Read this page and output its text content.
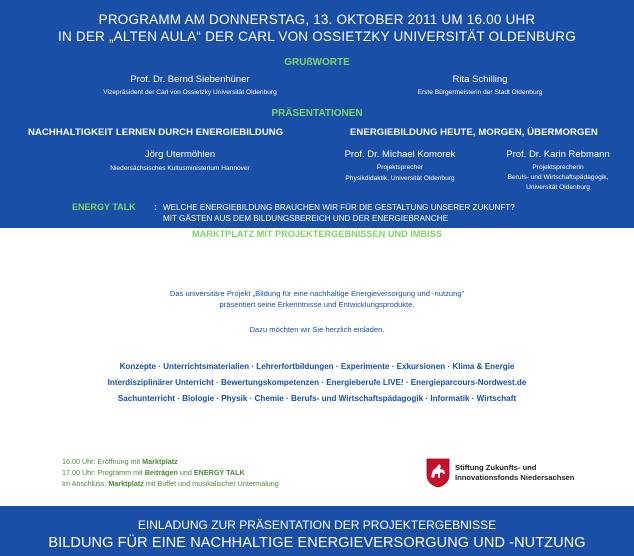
PROGRAMM AM DONNERSTAG, 13. OKTOBER 2011 UM 16.00 UHR
IN DER „ALTEN AULA“ DER CARL VON OSSIETZKY UNIVERSITÄT OLDENBURG
GRUßWORTE
Prof. Dr. Bernd Siebenhüner
Vizepräsident der Carl von Ossietzky Universität Oldenburg
Rita Schilling
Erste Bürgermeisterin der Stadt Oldenburg
PRÄSENTATIONEN
NACHHALTIGKEIT LERNEN DURCH ENERGIEBILDUNG	ENERGIEBILDUNG HEUTE, MORGEN, ÜBERMORGEN
Jörg Utermöhlen
Niedersächsisches Kultusministerium Hannover
Prof. Dr. Michael Komorek
Projektsprecher
Physikdidaktik, Universität Oldenburg
Prof. Dr. Karin Rebmann
Projektsprecherin
Berufs- und Wirtschaftspädagogik,
Universität Oldenburg
ENERGY TALK : WELCHE ENERGIEBILDUNG BRAUCHEN WIR FÜR DIE GESTALTUNG UNSERER ZUKUNFT?
MIT GÄSTEN AUS DEM BILDUNGSBEREICH UND DER ENERGIEBRANCHE
MARKTPLATZ MIT PROJEKTERGEBNISSEN UND IMBISS
Das universitäre Projekt „Bildung für eine nachhaltige Energieversorgung und -nutzung“
präsentiert seine Erkenntnisse und Entwicklungsprodukte.
Dazu möchten wir Sie herzlich einladen.
Konzepte · Unterrichtsmaterialien · Lehrerfortbildungen · Experimente · Exkursionen · Klima & Energie
Interdisziplinärer Unterricht · Bewertungskompetenzen · Energieberufe LIVE! · Energieparcours-Nordwest.de
Sachunterricht · Biologie · Physik · Chemie · Berufs- und Wirtschaftspädagogik · Informatik · Wirtschaft
16.00 Uhr: Eröffnung mit Marktplatz
17.00 Uhr: Programm mit Beiträgen und ENERGY TALK
Im Anschluss: Marktplatz mit Buffet und musikalischer Untermalung
Stiftung Zukunfts- und
Innovationsfonds Niedersachsen
EINLADUNG ZUR PRÄSENTATION DER PROJEKTERGEBNISSE
BILDUNG FÜR EINE NACHHALTIGE ENERGIEVERSORGUNG UND -NUTZUNG
